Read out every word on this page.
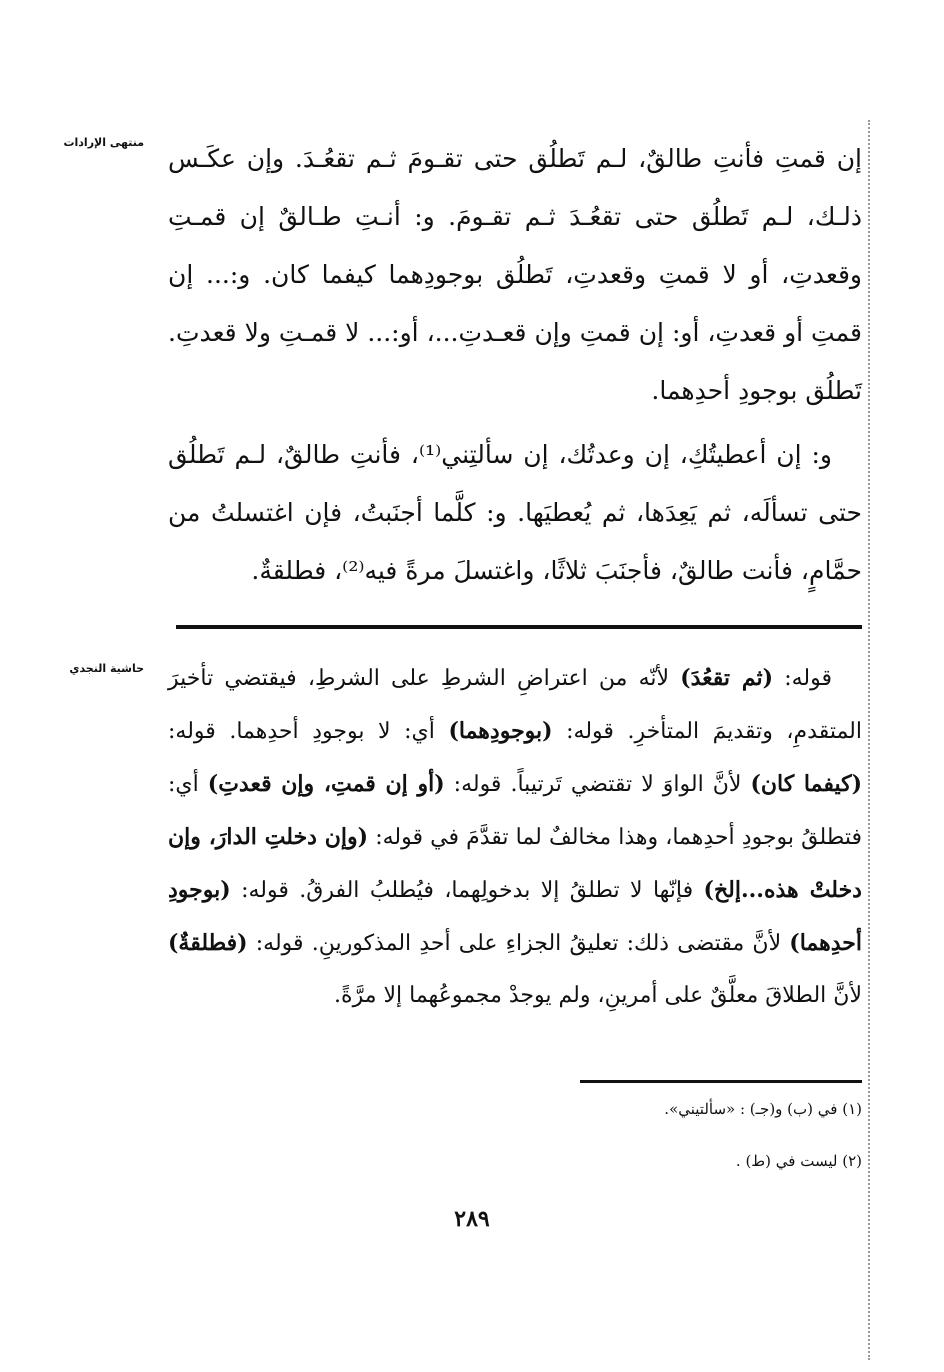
منتهى الإرادات
حاشية النجدي

إن قمتِ فأنتِ طالقٌ، لـم تَطلُق حتى تقـومَ ثـم تقعُـدَ. وإن عكَـس ذلـك، لـم تَطلُق حتى تقعُـدَ ثـم تقـومَ. و: أنـتِ طـالقٌ إن قمـتِ وقعدتِ، أو لا قمتِ وقعدتِ، تَطلُق بوجودِهما كيفما كان. و:... إن قمتِ أو قعدتِ، أو: إن قمتِ وإن قعـدتِ...، أو:... لا قمـتِ ولا قعدتِ. تَطلُق بوجودِ أحدِهما.

و: إن أعطيتُكِ، إن وعدتُك، إن سألتِني⁽¹⁾، فأنتِ طالقٌ، لـم تَطلُق حتى تسألَه، ثم يَعِدَها، ثم يُعطيَها. و: كلَّما أجنَبتُ، فإن اغتسلتُ من حمَّامٍ، فأنت طالقٌ، فأجنَبَ ثلاثًا، واغتسلَ مرةً فيه⁽²⁾، فطلقةٌ.

قوله: (ثم تقعُدَ) لأنّه من اعتراضِ الشرطِ على الشرطِ، فيقتضي تأخيرَ المتقدمِ، وتقديمَ المتأخرِ. قوله: (بوجودِهما) أي: لا بوجودِ أحدِهما. قوله: (كيفما كان) لأنَّ الواوَ لا تقتضي تَرتيباً. قوله: (أو إن قمتِ، وإن قعدتِ) أي: فتطلقُ بوجودِ أحدِهما، وهذا مخالفٌ لما تقدَّمَ في قوله: (وإن دخلتِ الدارَ، وإن دخلتْ هذه...إلخ) فإنّها لا تطلقُ إلا بدخولِهما، فيُطلبُ الفرقُ. قوله: (بوجودِ أحدِهما) لأنَّ مقتضى ذلك: تعليقُ الجزاءِ على أحدِ المذكورينِ. قوله: (فطلقةٌ) لأنَّ الطلاقَ معلَّقٌ على أمرينِ، ولم يوجدْ مجموعُهما إلا مرَّةً.

(١) في (ب) و(جـ) : «سألتيني».
(٢) ليست في (ط) .
٢٨٩
